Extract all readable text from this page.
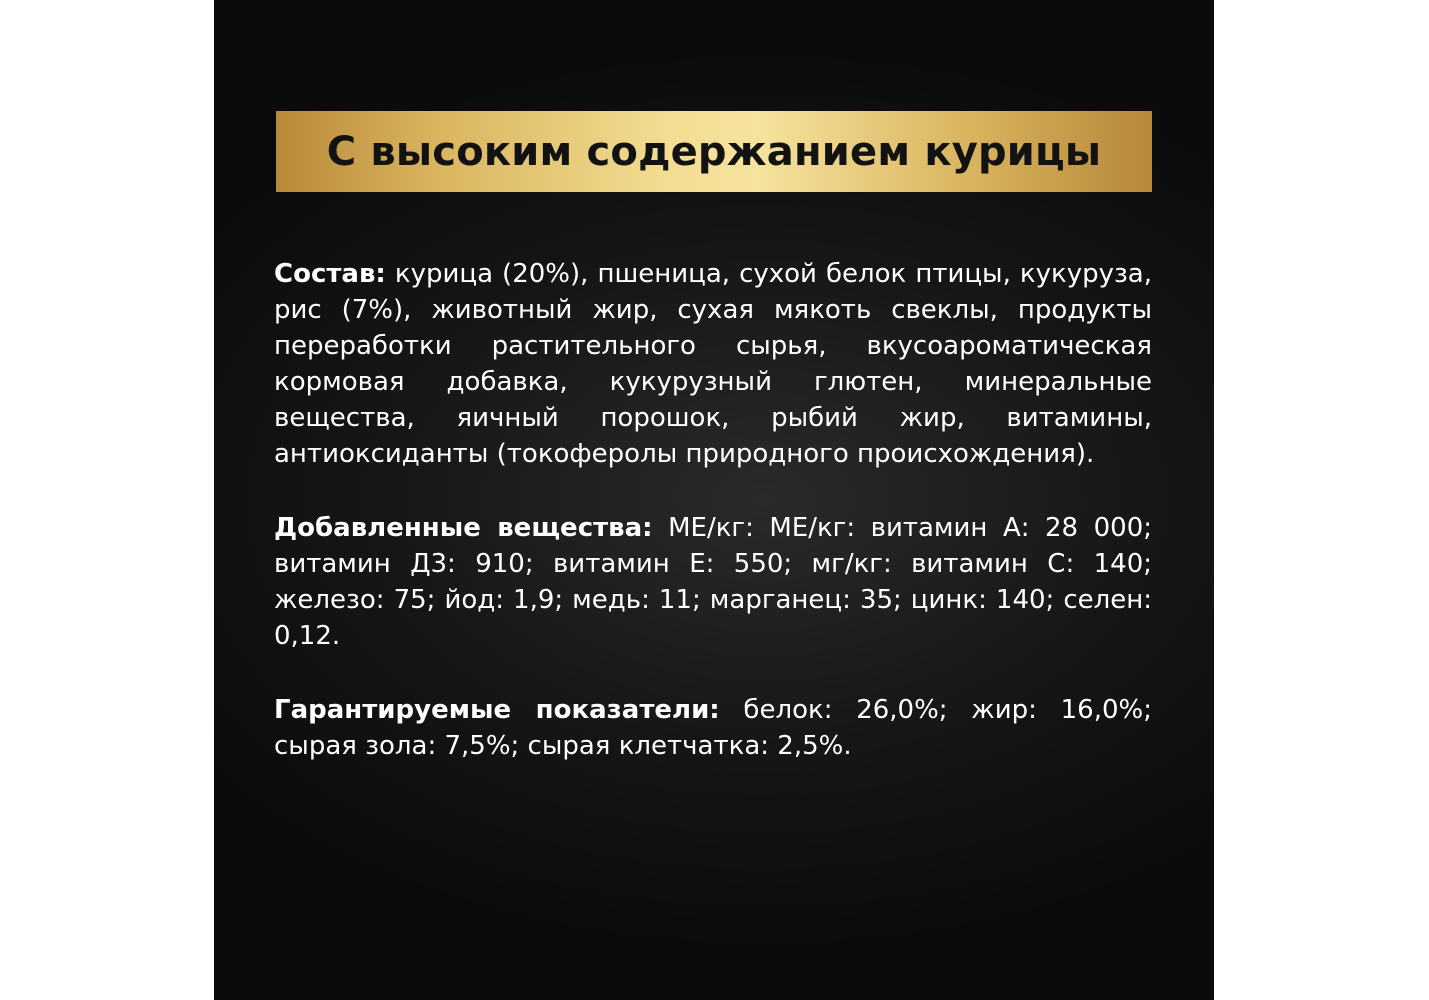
С высоким содержанием курицы

Состав: курица (20%), пшеница, сухой белок птицы, кукуруза, рис (7%), животный жир, сухая мякоть свеклы, продукты переработки растительного сырья, вкусоароматическая кормовая добавка, кукурузный глютен, минеральные вещества, яичный порошок, рыбий жир, витамины, антиоксиданты (токоферолы природного происхождения).

Добавленные вещества: МЕ/кг: МЕ/кг: витамин А: 28 000; витамин Д3: 910; витамин Е: 550; мг/кг: витамин С: 140; железо: 75; йод: 1,9; медь: 11; марганец: 35; цинк: 140; селен: 0,12.

Гарантируемые показатели: белок: 26,0%; жир: 16,0%; сырая зола: 7,5%; сырая клетчатка: 2,5%.
